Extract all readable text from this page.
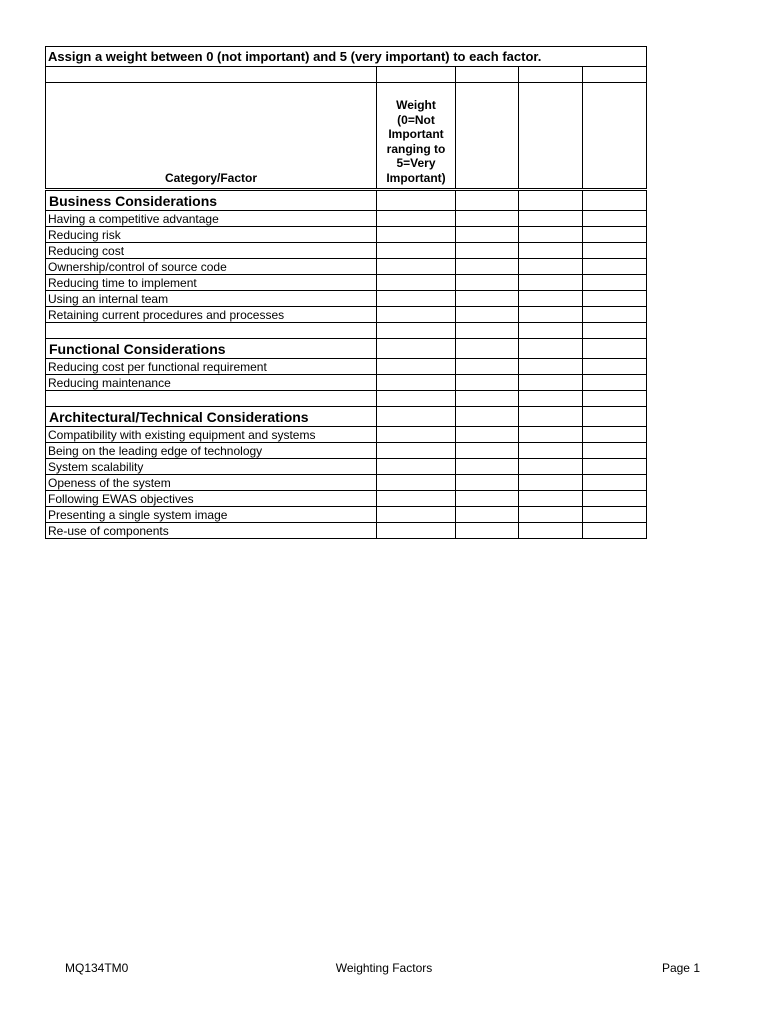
Assign a weight between 0 (not important) and 5 (very important) to each factor.				

Category/Factor	Weight (0=Not Important ranging to 5=Very Important)			
Business Considerations				
Having a competitive advantage				
Reducing risk				
Reducing cost				
Ownership/control of source code				
Reducing time to implement				
Using an internal team				
Retaining current procedures and processes				

Functional Considerations				
Reducing cost per functional requirement				
Reducing maintenance				

Architectural/Technical Considerations				
Compatibility with existing equipment and systems				
Being on the leading edge of technology				
System scalability				
Openess of the system				
Following EWAS objectives				
Presenting a single system image				
Re-use of components				
MQ134TM0	Weighting Factors	Page 1
